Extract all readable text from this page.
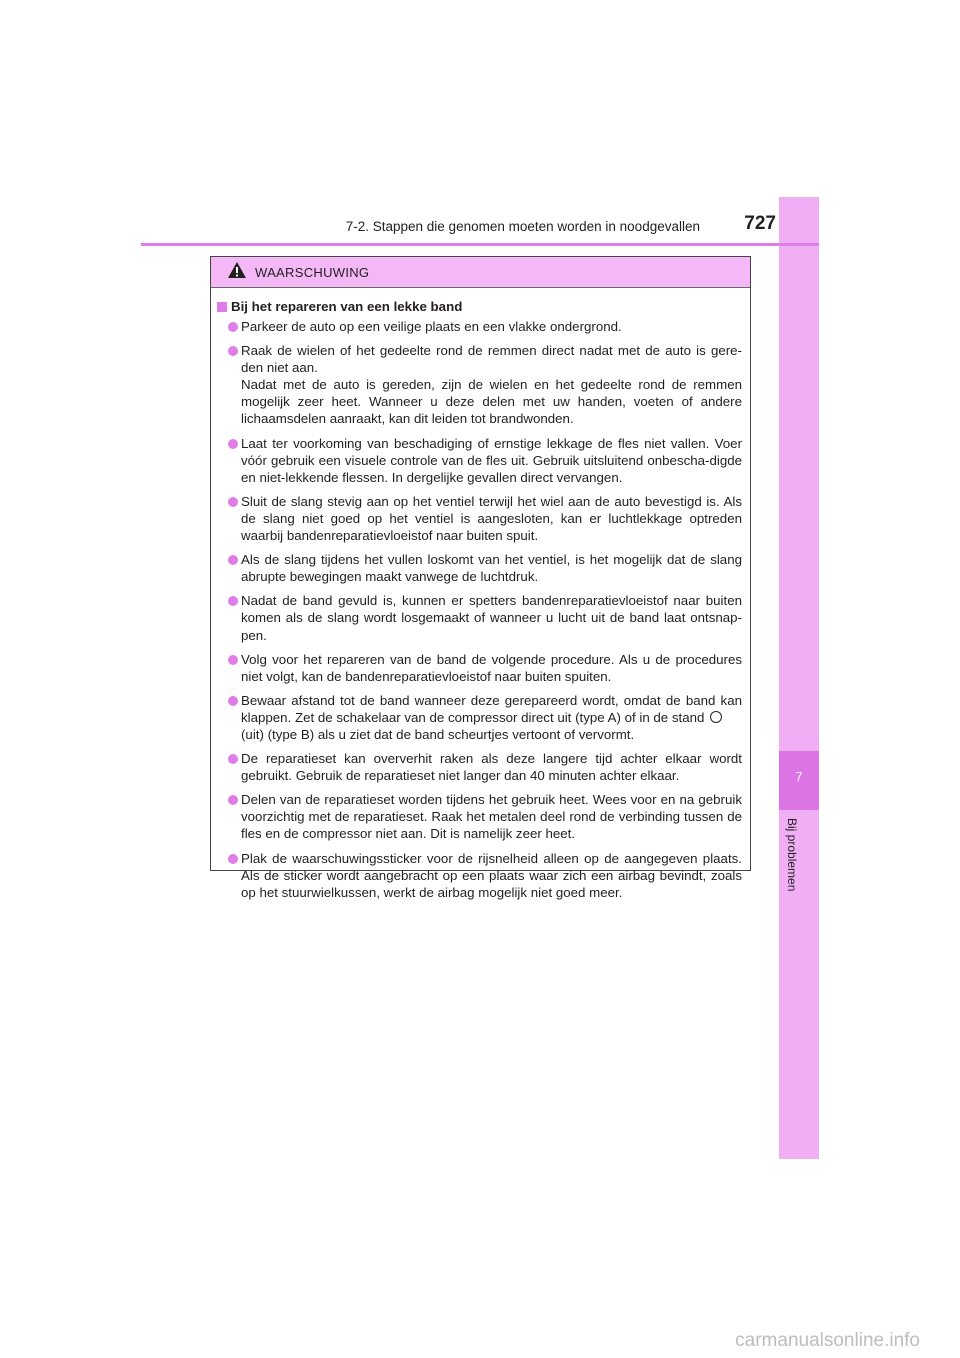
7
Bij problemen
7-2. Stappen die genomen moeten worden in noodgevallen	727
WAARSCHUWING
Bij het repareren van een lekke band
Parkeer de auto op een veilige plaats en een vlakke ondergrond.
Raak de wielen of het gedeelte rond de remmen direct nadat met de auto is gere-den niet aan.
Nadat met de auto is gereden, zijn de wielen en het gedeelte rond de remmen mogelijk zeer heet. Wanneer u deze delen met uw handen, voeten of andere lichaamsdelen aanraakt, kan dit leiden tot brandwonden.
Laat ter voorkoming van beschadiging of ernstige lekkage de fles niet vallen. Voer vóór gebruik een visuele controle van de fles uit. Gebruik uitsluitend onbescha-digde en niet-lekkende flessen. In dergelijke gevallen direct vervangen.
Sluit de slang stevig aan op het ventiel terwijl het wiel aan de auto bevestigd is. Als de slang niet goed op het ventiel is aangesloten, kan er luchtlekkage optreden waarbij bandenreparatievloeistof naar buiten spuit.
Als de slang tijdens het vullen loskomt van het ventiel, is het mogelijk dat de slang abrupte bewegingen maakt vanwege de luchtdruk.
Nadat de band gevuld is, kunnen er spetters bandenreparatievloeistof naar buiten komen als de slang wordt losgemaakt of wanneer u lucht uit de band laat ontsnap-pen.
Volg voor het repareren van de band de volgende procedure. Als u de procedures niet volgt, kan de bandenreparatievloeistof naar buiten spuiten.
Bewaar afstand tot de band wanneer deze gerepareerd wordt, omdat de band kan klappen. Zet de schakelaar van de compressor direct uit (type A) of in de stand
(uit) (type B) als u ziet dat de band scheurtjes vertoont of vervormt.
De reparatieset kan oververhit raken als deze langere tijd achter elkaar wordt gebruikt. Gebruik de reparatieset niet langer dan 40 minuten achter elkaar.
Delen van de reparatieset worden tijdens het gebruik heet. Wees voor en na gebruik voorzichtig met de reparatieset. Raak het metalen deel rond de verbinding tussen de fles en de compressor niet aan. Dit is namelijk zeer heet.
Plak de waarschuwingssticker voor de rijsnelheid alleen op de aangegeven plaats. Als de sticker wordt aangebracht op een plaats waar zich een airbag bevindt, zoals op het stuurwielkussen, werkt de airbag mogelijk niet goed meer.
carmanualsonline.info
